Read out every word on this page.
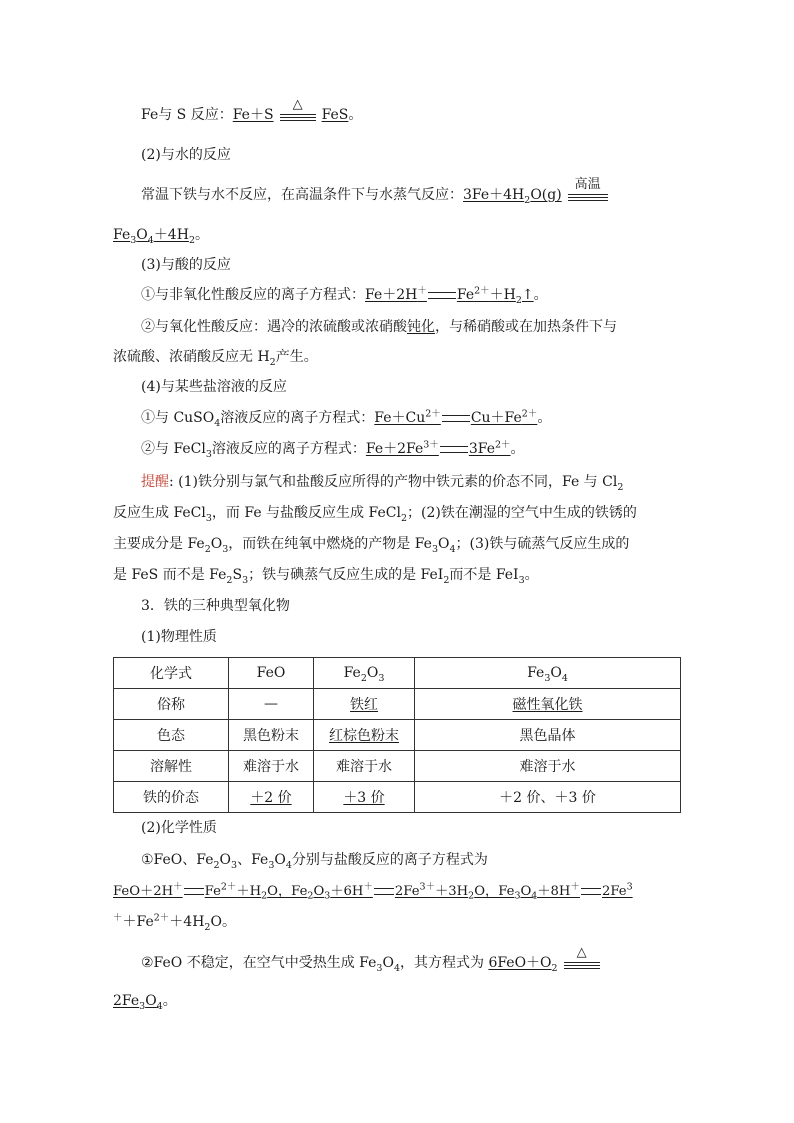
Fe与 S 反应：Fe＋S
△
FeS。
(2)与水的反应
常温下铁与水不反应，在高温条件下与水蒸气反应：$3Fe+4H_2O(g)$
高温
$Fe_3O_4+4H_2$。
(3)与酸的反应
①与非氧化性酸反应的离子方程式：Fe＋2H＋ $Fe^{2+}+H_2↑$。
②与氧化性酸反应：遇冷的浓硫酸或浓硝酸钝化，与稀硝酸或在加热条件下与
浓硫酸、浓硝酸反应无 $H_2$产生。
(4)与某些盐溶液的反应
①与 CuSO$_4$溶液反应的离子方程式：$Fe+Cu^{2+}$ $Cu+Fe^{2+}$。
②与 FeCl$_3$溶液反应的离子方程式：$Fe+2Fe^{3+}$ $3Fe^{2+}$。
提醒: (1)铁分别与氯气和盐酸反应所得的产物中铁元素的价态不同，Fe 与 $Cl_2$
反应生成 FeCl$_3$，而 Fe 与盐酸反应生成 FeCl$_2$；(2)铁在潮湿的空气中生成的铁锈的
主要成分是 $Fe_2O_3$，而铁在纯氧中燃烧的产物是 $Fe_3O_4$；(3)铁与硫蒸气反应生成的
是 FeS 而不是 $Fe_2S_3$；铁与碘蒸气反应生成的是 FeI$_2$而不是 FeI$_3$。
3．铁的三种典型氧化物
(1)物理性质
化学式	FeO	$Fe_2O_3$	$Fe_3O_4$
俗称	—	铁红	磁性氧化铁
色态	黑色粉末	红棕色粉末	黑色晶体
溶解性	难溶于水	难溶于水	难溶于水
铁的价态	＋2 价	＋3 价	＋2 价、＋3 价
(2)化学性质
①FeO、$Fe_2O_3$、$Fe_3O_4$分别与盐酸反应的离子方程式为
FeO＋2H＋ $Fe^{2+}+H_2O$，$Fe_2O_3+6H^+$ $2Fe^{3+}+3H_2O$，$Fe_3O_4+8H^+$ 2Fe$^3$
$^++Fe^{2+}+4H_2O$。
②FeO 不稳定，在空气中受热生成 $Fe_3O_4$，其方程式为 $6FeO+O_2$
△
$2Fe_3O_4$。
